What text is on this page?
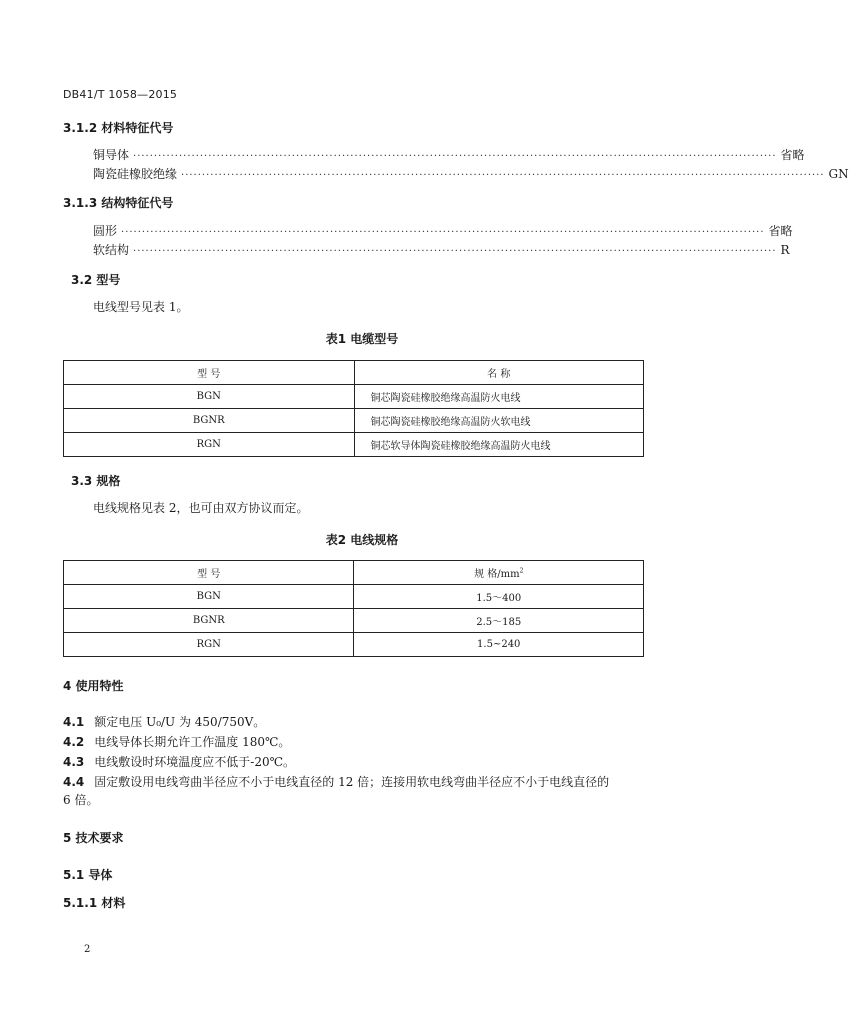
DB41/T 1058—2015
3.1.2 材料特征代号
铜导体 ·························································································································································· 省略
陶瓷硅橡胶绝缘 ·························································································································································· GN
3.1.3 结构特征代号
圆形 ·························································································································································· 省略
软结构 ·························································································································································· R
3.2 型号
电线型号见表 1。
表1 电缆型号
型 号	名 称
BGN	铜芯陶瓷硅橡胶绝缘高温防火电线
BGNR	铜芯陶瓷硅橡胶绝缘高温防火软电线
RGN	铜芯软导体陶瓷硅橡胶绝缘高温防火电线
3.3 规格
电线规格见表 2，也可由双方协议而定。
表2 电线规格
型 号	规 格$/mm^2$
BGN	1.5～400
BGNR	2.5～185
RGN	1.5~240
4 使用特性
4.1 额定电压 U₀/U 为 450/750V。
4.2 电线导体长期允许工作温度 180℃。
4.3 电线敷设时环境温度应不低于-20℃。
4.4 固定敷设用电线弯曲半径应不小于电线直径的 12 倍；连接用软电线弯曲半径应不小于电线直径的
6 倍。
5 技术要求
5.1 导体
5.1.1 材料
2
